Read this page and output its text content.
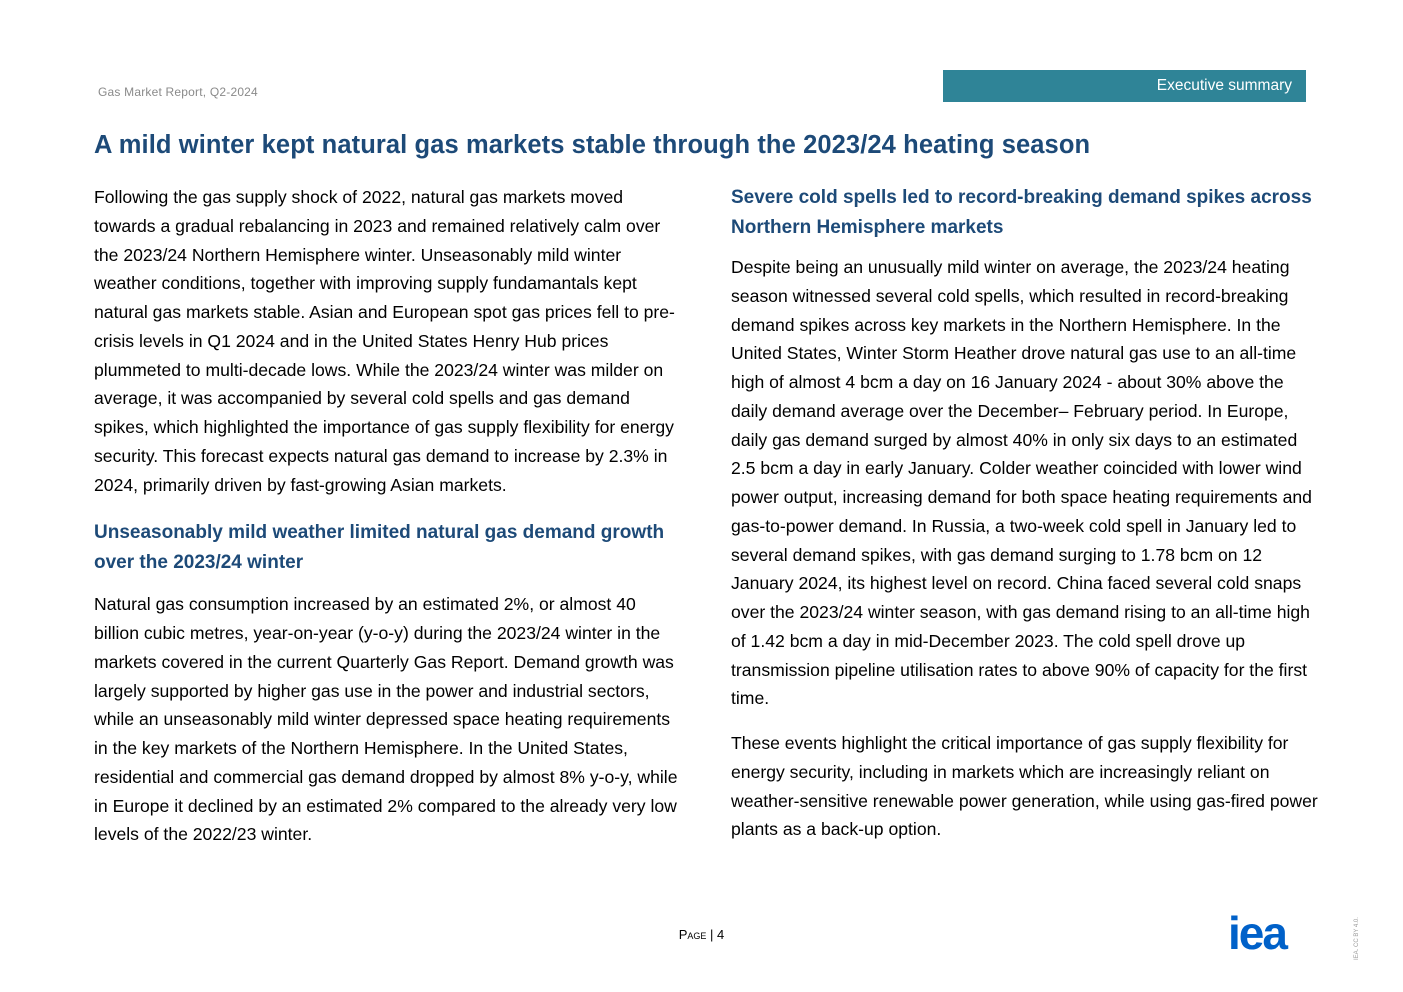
Gas Market Report, Q2-2024	Executive summary
A mild winter kept natural gas markets stable through the 2023/24 heating season

Following the gas supply shock of 2022, natural gas markets moved towards a gradual rebalancing in 2023 and remained relatively calm over the 2023/24 Northern Hemisphere winter. Unseasonably mild winter weather conditions, together with improving supply fundamantals kept natural gas markets stable. Asian and European spot gas prices fell to pre-crisis levels in Q1 2024 and in the United States Henry Hub prices plummeted to multi-decade lows. While the 2023/24 winter was milder on average, it was accompanied by several cold spells and gas demand spikes, which highlighted the importance of gas supply flexibility for energy security. This forecast expects natural gas demand to increase by 2.3% in 2024, primarily driven by fast-growing Asian markets.

Unseasonably mild weather limited natural gas demand growth over the 2023/24 winter

Natural gas consumption increased by an estimated 2%, or almost 40 billion cubic metres, year-on-year (y-o-y) during the 2023/24 winter in the markets covered in the current Quarterly Gas Report. Demand growth was largely supported by higher gas use in the power and industrial sectors, while an unseasonably mild winter depressed space heating requirements in the key markets of the Northern Hemisphere. In the United States, residential and commercial gas demand dropped by almost 8% y-o-y, while in Europe it declined by an estimated 2% compared to the already very low levels of the 2022/23 winter.

Severe cold spells led to record-breaking demand spikes across Northern Hemisphere markets

Despite being an unusually mild winter on average, the 2023/24 heating season witnessed several cold spells, which resulted in record-breaking demand spikes across key markets in the Northern Hemisphere. In the United States, Winter Storm Heather drove natural gas use to an all-time high of almost 4 bcm a day on 16 January 2024 - about 30% above the daily demand average over the December– February period. In Europe, daily gas demand surged by almost 40% in only six days to an estimated 2.5 bcm a day in early January. Colder weather coincided with lower wind power output, increasing demand for both space heating requirements and gas-to-power demand. In Russia, a two-week cold spell in January led to several demand spikes, with gas demand surging to 1.78 bcm on 12 January 2024, its highest level on record. China faced several cold snaps over the 2023/24 winter season, with gas demand rising to an all-time high of 1.42 bcm a day in mid-December 2023. The cold spell drove up transmission pipeline utilisation rates to above 90% of capacity for the first time.

These events highlight the critical importance of gas supply flexibility for energy security, including in markets which are increasingly reliant on weather-sensitive renewable power generation, while using gas-fired power plants as a back-up option.

Page | 4	iea	IEA. CC BY 4.0.
